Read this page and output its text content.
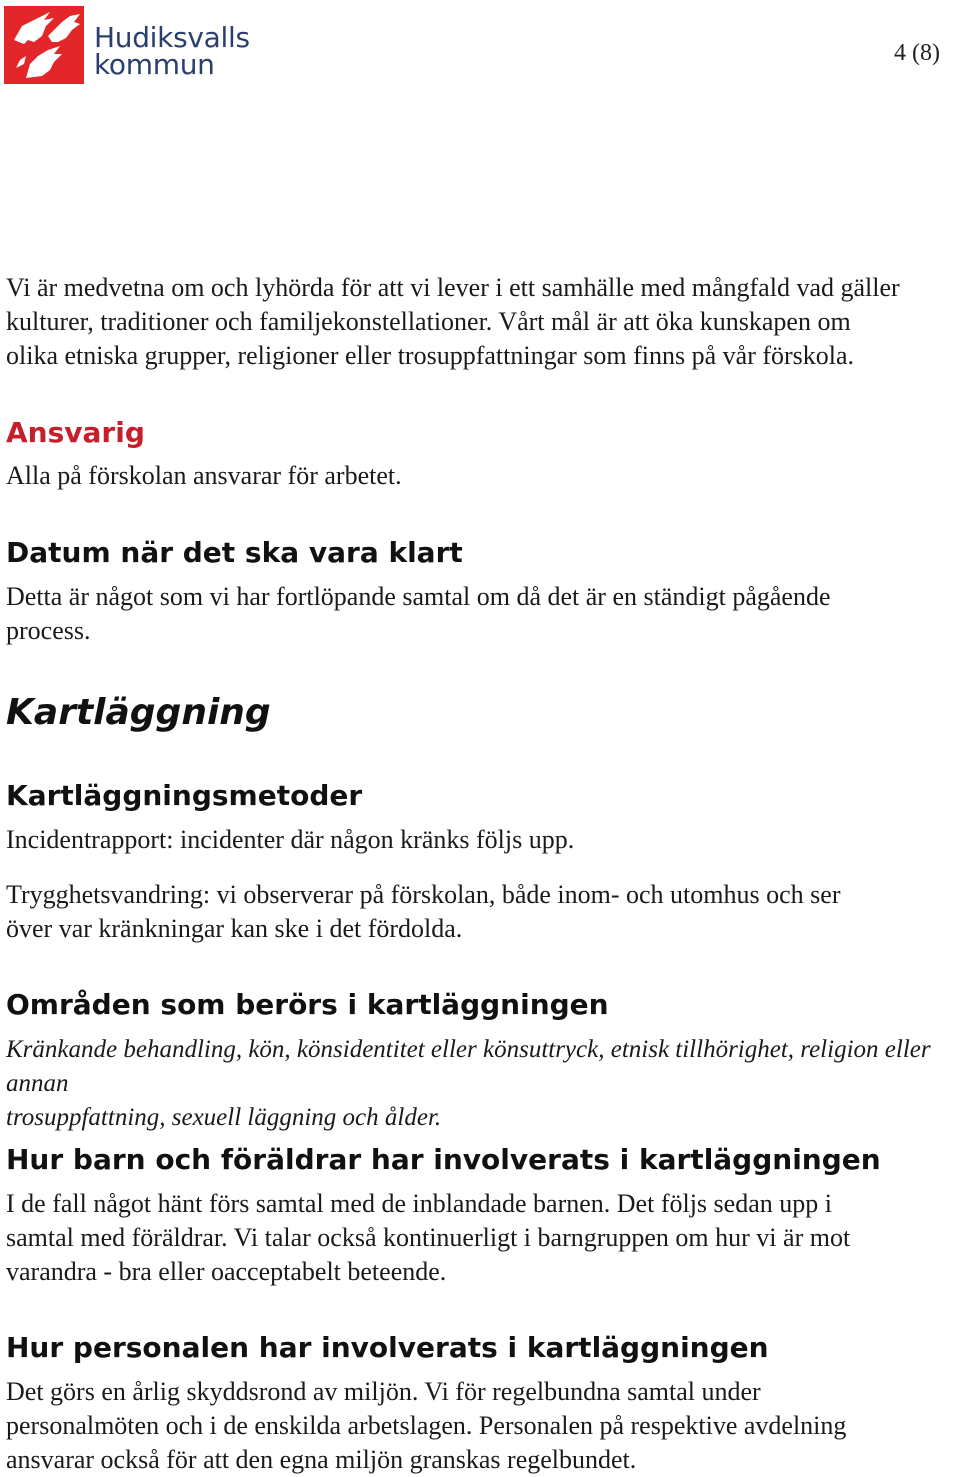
Hudiksvalls
kommun	4 (8)

Vi är medvetna om och lyhörda för att vi lever i ett samhälle med mångfald vad gäller
kulturer, traditioner och familjekonstellationer. Vårt mål är att öka kunskapen om
olika etniska grupper, religioner eller trosuppfattningar som finns på vår förskola.

Ansvarig

Alla på förskolan ansvarar för arbetet.

Datum när det ska vara klart

Detta är något som vi har fortlöpande samtal om då det är en ständigt pågående
process.

Kartläggning
Kartläggningsmetoder

Incidentrapport: incidenter där någon kränks följs upp.

Trygghetsvandring: vi observerar på förskolan, både inom- och utomhus och ser
över var kränkningar kan ske i det fördolda.

Områden som berörs i kartläggningen

Kränkande behandling, kön, könsidentitet eller könsuttryck, etnisk tillhörighet, religion eller annan
trosuppfattning, sexuell läggning och ålder.

Hur barn och föräldrar har involverats i kartläggningen

I de fall något hänt förs samtal med de inblandade barnen. Det följs sedan upp i
samtal med föräldrar. Vi talar också kontinuerligt i barngruppen om hur vi är mot
varandra - bra eller oacceptabelt beteende.

Hur personalen har involverats i kartläggningen

Det görs en årlig skyddsrond av miljön. Vi för regelbundna samtal under
personalmöten och i de enskilda arbetslagen. Personalen på respektive avdelning
ansvarar också för att den egna miljön granskas regelbundet.
